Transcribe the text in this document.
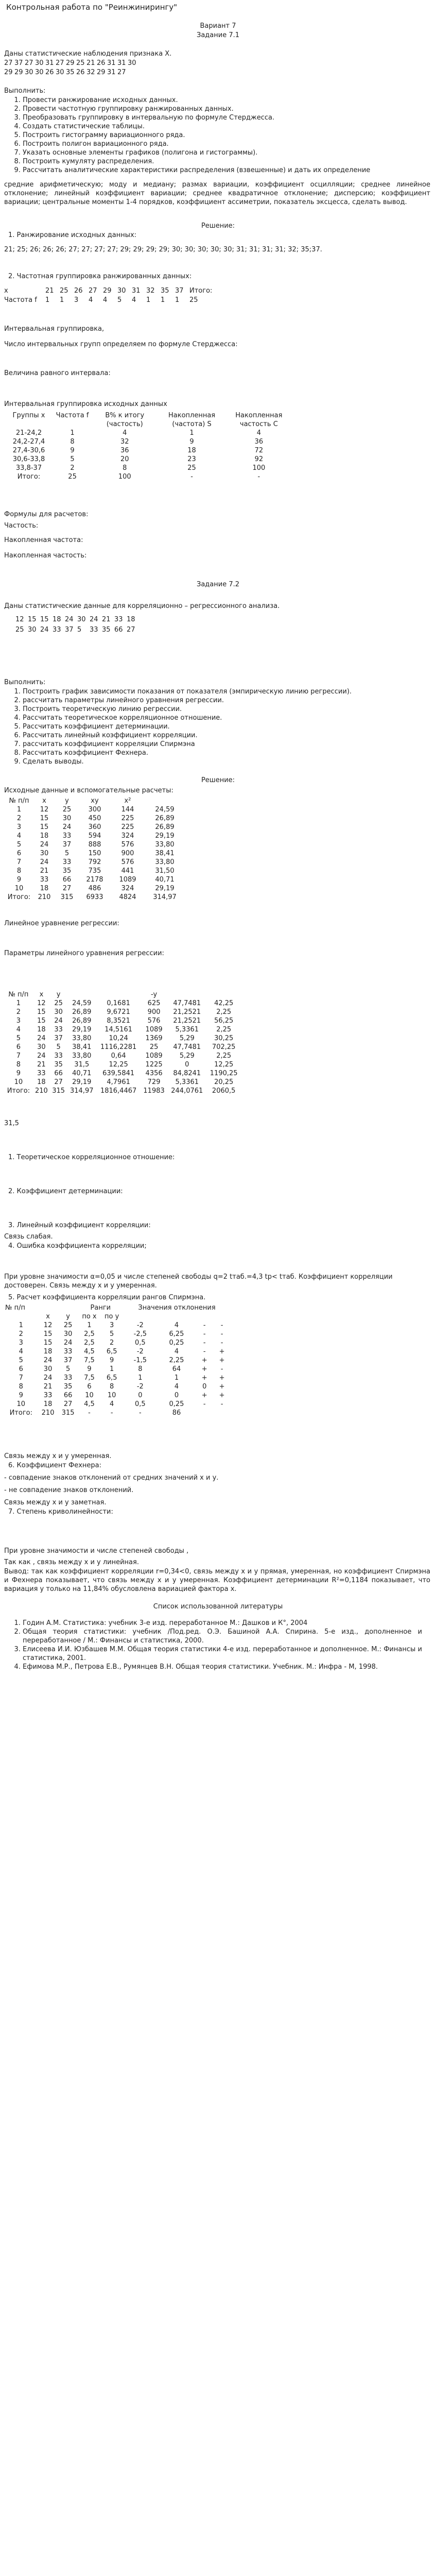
Контрольная работа по "Реинжинирингу"
Вариант 7
Задание 7.1
Даны статистические наблюдения признака X.
27 37 27 30 31 27 29 25 21 26 31 31 30
29 29 30 30 26 30 35 26 32 29 31 27
Выполнить:
1. Провести ранжирование исходных данных.
2. Провести частотную группировку ранжированных данных.
3. Преобразовать группировку в интервальную по формуле Стерджесса.
4. Создать статистические таблицы.
5. Построить гистограмму вариационного ряда.
6. Построить полигон вариационного ряда.
7. Указать основные элементы графиков (полигона и гистограммы).
8. Построить кумуляту распределения.
9. Рассчитать аналитические характеристики распределения (взвешенные) и дать их определение
средние арифметическую; моду и медиану; размах вариации, коэффициент осцилляции; среднее линейное отклонение; линейный коэффициент вариации; среднее квадратичное отклонение; дисперсию; коэффициент вариации; центральные моменты 1-4 порядков, коэффициент ассиметрии, показатель эксцесса, сделать вывод.
Решение:
1. Ранжирование исходных данных:
21; 25; 26; 26; 26; 27; 27; 27; 27; 29; 29; 29; 29; 30; 30; 30; 30; 30; 31; 31; 31; 31; 32; 35;37.
2. Частотная группировка ранжированных данных:
x	21 25 26 27 29 30 31 32 35 37 Итого:
Частота f 1 1 3 4 4 5 4 1 1 1 25
Интервальная группировка,
Число интервальных групп определяем по формуле Стерджесса:
Величина равного интервала:
Интервальная группировка исходных данных
Группы x	Частота f	В% к итогу (частость)	Накопленная (частота) S	Накопленная частость C
21-24,2	1	4	1	4
24,2-27,4	8	32	9	36
27,4-30,6	9	36	18	72
30,6-33,8	5	20	23	92
33,8-37	2	8	25	100
Итого:	25	100	-	-
Формулы для расчетов:
Частость:
Накопленная частота:
Накопленная частость:
Задание 7.2
Даны статистические данные для корреляционно – регрессионного анализа.
12 15 15 18 24 30 24 21 33 18
25 30 24 33 37 5 33 35 66 27
Выполнить:
1. Построить график зависимости показания от показателя (эмпирическую линию регрессии).
2. рассчитать параметры линейного уравнения регрессии.
3. Построить теоретическую линию регрессии.
4. Рассчитать теоретическое корреляционное отношение.
5. Рассчитать коэффициент детерминации.
6. Рассчитать линейный коэффициент корреляции.
7. рассчитать коэффициент корреляции Спирмэна
8. Рассчитать коэффициент Фехнера.
9. Сделать выводы.
Решение:
Исходные данные и вспомогательные расчеты:
№ п/п	x	y	xy	x²	
1	12	25	300	144	24,59
2	15	30	450	225	26,89
3	15	24	360	225	26,89
4	18	33	594	324	29,19
5	24	37	888	576	33,80
6	30	5	150	900	38,41
7	24	33	792	576	33,80
8	21	35	735	441	31,50
9	33	66	2178	1089	40,71
10	18	27	486	324	29,19
Итого:	210	315	6933	4824	314,97
Линейное уравнение регрессии:
Параметры линейного уравнения регрессии:
№ п/п	x	y			-y		
1	12	25	24,59	0,1681	625	47,7481	42,25
2	15	30	26,89	9,6721	900	21,2521	2,25
3	15	24	26,89	8,3521	576	21,2521	56,25
4	18	33	29,19	14,5161	1089	5,3361	2,25
5	24	37	33,80	10,24	1369	5,29	30,25
6	30	5	38,41	1116,2281	25	47,7481	702,25
7	24	33	33,80	0,64	1089	5,29	2,25
8	21	35	31,5	12,25	1225	0	12,25
9	33	66	40,71	639,5841	4356	84,8241	1190,25
10	18	27	29,19	4,7961	729	5,3361	20,25
Итого:	210	315	314,97	1816,4467	11983	244,0761	2060,5
31,5
1. Теоретическое корреляционное отношение:
2. Коэффициент детерминации:
3. Линейный коэффициент корреляции:
Связь слабая.
4. Ошибка коэффициента корреляции;
При уровне значимости α=0,05 и числе степеней свободы q=2 tтаб.=4,3 tр< tтаб. Коэффициент корреляции достоверен. Связь между х и у умеренная.
5. Расчет коэффициента корреляции рангов Спирмэна.
№ п/п			Ранги		Значения отклонения			
	х	у	по х	по у				
1	12	25	1	3	-2	4	-	-
2	15	30	2,5	5	-2,5	6,25	-	-
3	15	24	2,5	2	0,5	0,25	-	-
4	18	33	4,5	6,5	-2	4	-	+
5	24	37	7,5	9	-1,5	2,25	+	+
6	30	5	9	1	8	64	+	-
7	24	33	7,5	6,5	1	1	+	+
8	21	35	6	8	-2	4	0	+
9	33	66	10	10	0	0	+	+
10	18	27	4,5	4	0,5	0,25	-	-
Итого:	210	315	-	-	-	86		
Связь между х и у умеренная.
6. Коэффициент Фехнера:
- совпадение знаков отклонений от средних значений х и у.
- не совпадение знаков отклонений.
Связь между х и у заметная.
7. Степень криволинейности:
При уровне значимости и числе степеней свободы ,
Так как , связь между х и у линейная.
Вывод: так как коэффициент корреляции r=0,34<0, связь между х и у прямая, умеренная, но коэффициент Спирмэна и Фехнера показывает, что связь между х и у умеренная. Коэффициент детерминации R²=0,1184 показывает, что вариация у только на 11,84% обусловлена вариацией фактора х.
Список использованной литературы
1. Годин А.М. Статистика: учебник 3-е изд. переработанное М.: Дашков и К°, 2004
2. Общая теория статистики: учебник /Под.ред. О.Э. Башиной А.А. Спирина. 5-е изд., дополненное и переработанное / М.: Финансы и статистика, 2000.
3. Елисеева И.И. Юзбашев М.М. Общая теория статистики 4-е изд. переработанное и дополненное. М.: Финансы и статистика, 2001.
4. Ефимова М.Р., Петрова Е.В., Румянцев В.Н. Общая теория статистики. Учебник. М.: Инфра - М, 1998.
